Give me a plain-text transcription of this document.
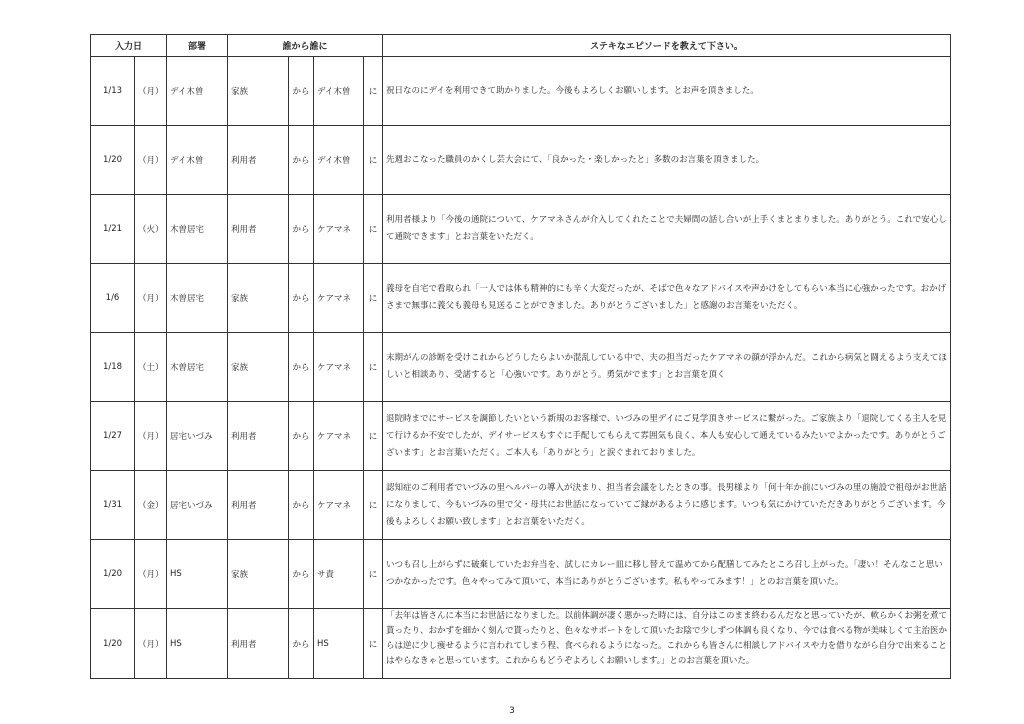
入力日		部署	誰から誰に				ステキなエピソードを教えて下さい。
1/13	（月）	デイ木曽	家族	から	デイ木曽	に	祝日なのにデイを利用できて助かりました。今後もよろしくお願いします。とお声を頂きました。
1/20	（月）	デイ木曽	利用者	から	デイ木曽	に	先週おこなった職員のかくし芸大会にて、「良かった・楽しかったと」多数のお言葉を頂きました。
1/21	（火）	木曽居宅	利用者	から	ケアマネ	に	利用者様より「今後の通院について、ケアマネさんが介入してくれたことで夫婦間の話し合いが上手くまとまりました。ありがとう。これで安心して通院できます」とお言葉をいただく。
1/6	（月）	木曽居宅	家族	から	ケアマネ	に	義母を自宅で看取られ「一人では体も精神的にも辛く大変だったが、そばで色々なアドバイスや声かけをしてもらい本当に心強かったです。おかげさまで無事に義父も義母も見送ることができました。ありがとうございました」と感謝のお言葉をいただく。
1/18	（土）	木曽居宅	家族	から	ケアマネ	に	末期がんの診断を受けこれからどうしたらよいか混乱している中で、夫の担当だったケアマネの顔が浮かんだ。これから病気と闘えるよう支えてほしいと相談あり、受諾すると「心強いです。ありがとう。勇気がでます」とお言葉を頂く
1/27	（月）	居宅いづみ	利用者	から	ケアマネ	に	退院時までにサービスを調節したいという新規のお客様で、いづみの里デイにご見学頂きサービスに繋がった。ご家族より「退院してくる主人を見て行けるか不安でしたが、デイサービスもすぐに手配してもらえて雰囲気も良く、本人も安心して通えているみたいでよかったです。ありがとうございます」とお言葉いただく。ご本人も「ありがとう」と涙ぐまれておりました。
1/31	（金）	居宅いづみ	利用者	から	ケアマネ	に	認知症のご利用者でいづみの里ヘルパーの導入が決まり、担当者会議をしたときの事。長男様より「何十年か前にいづみの里の施設で祖母がお世話になりまして、今もいづみの里で父・母共にお世話になっていてご縁があるように感じます。いつも気にかけていただきありがとうございます。今後もよろしくお願い致します」とお言葉をいただく。
1/20	（月）	HS	家族	から	サ責	に	いつも召し上がらずに破棄していたお弁当を、試しにカレー皿に移し替えて温めてから配膳してみたところ召し上がった。「凄い！そんなこと思いつかなかったです。色々やってみて頂いて、本当にありがとうございます。私もやってみます！」とのお言葉を頂いた。
1/20	（月）	HS	利用者	から	HS	に	「去年は皆さんに本当にお世話になりました。以前体調が凄く悪かった時には、自分はこのまま終わるんだなと思っていたが、軟らかくお粥を煮て貰ったり、おかずを細かく刻んで貰ったりと、色々なサポートをして頂いたお陰で少しずつ体調も良くなり、今では食べる物が美味しくて主治医からは逆に少し痩せるように言われてしまう程、食べられるようになった。これからも皆さんに相談しアドバイスや力を借りながら自分で出来ることはやらなきゃと思っています。これからもどうぞよろしくお願いします。」とのお言葉を頂いた。
3
